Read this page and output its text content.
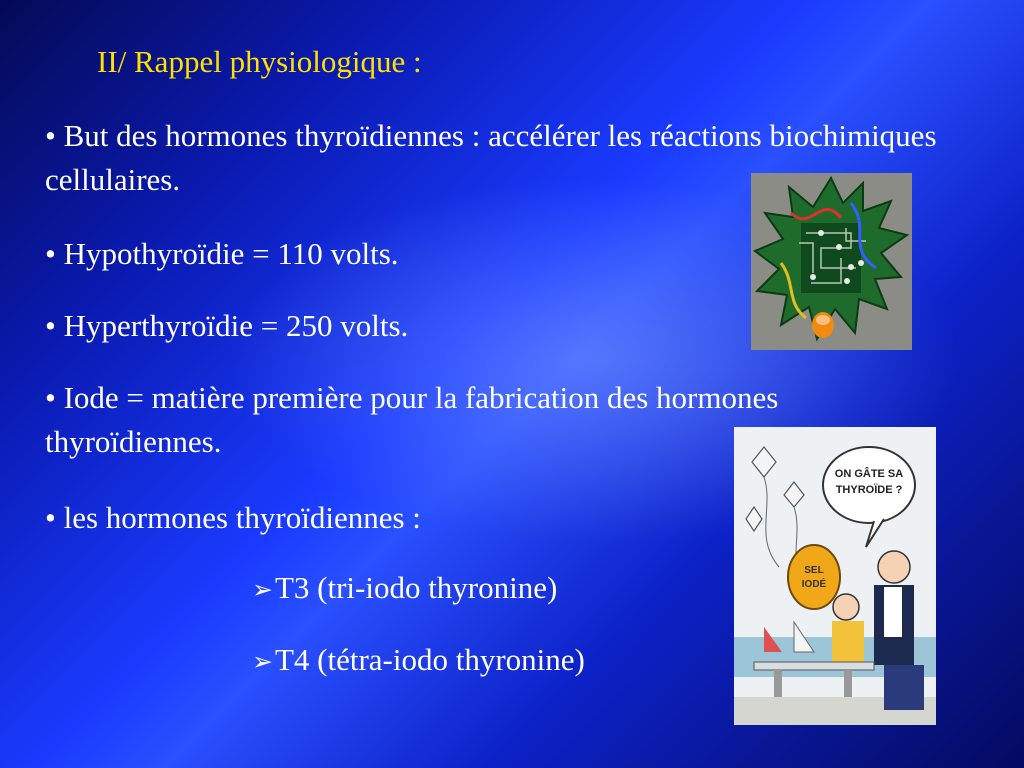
II/ Rappel physiologique :

• But des hormones thyroïdiennes : accélérer les réactions biochimiques cellulaires.

• Hypothyroïdie = 110 volts.

• Hyperthyroïdie = 250 volts.

• Iode = matière première pour la fabrication des hormones thyroïdiennes.

• les hormones thyroïdiennes :

➢T3 (tri-iodo thyronine)

➢T4 (tétra-iodo thyronine)

ON GÂTE SA
THYROÏDE ?
SEL
IODÉ
